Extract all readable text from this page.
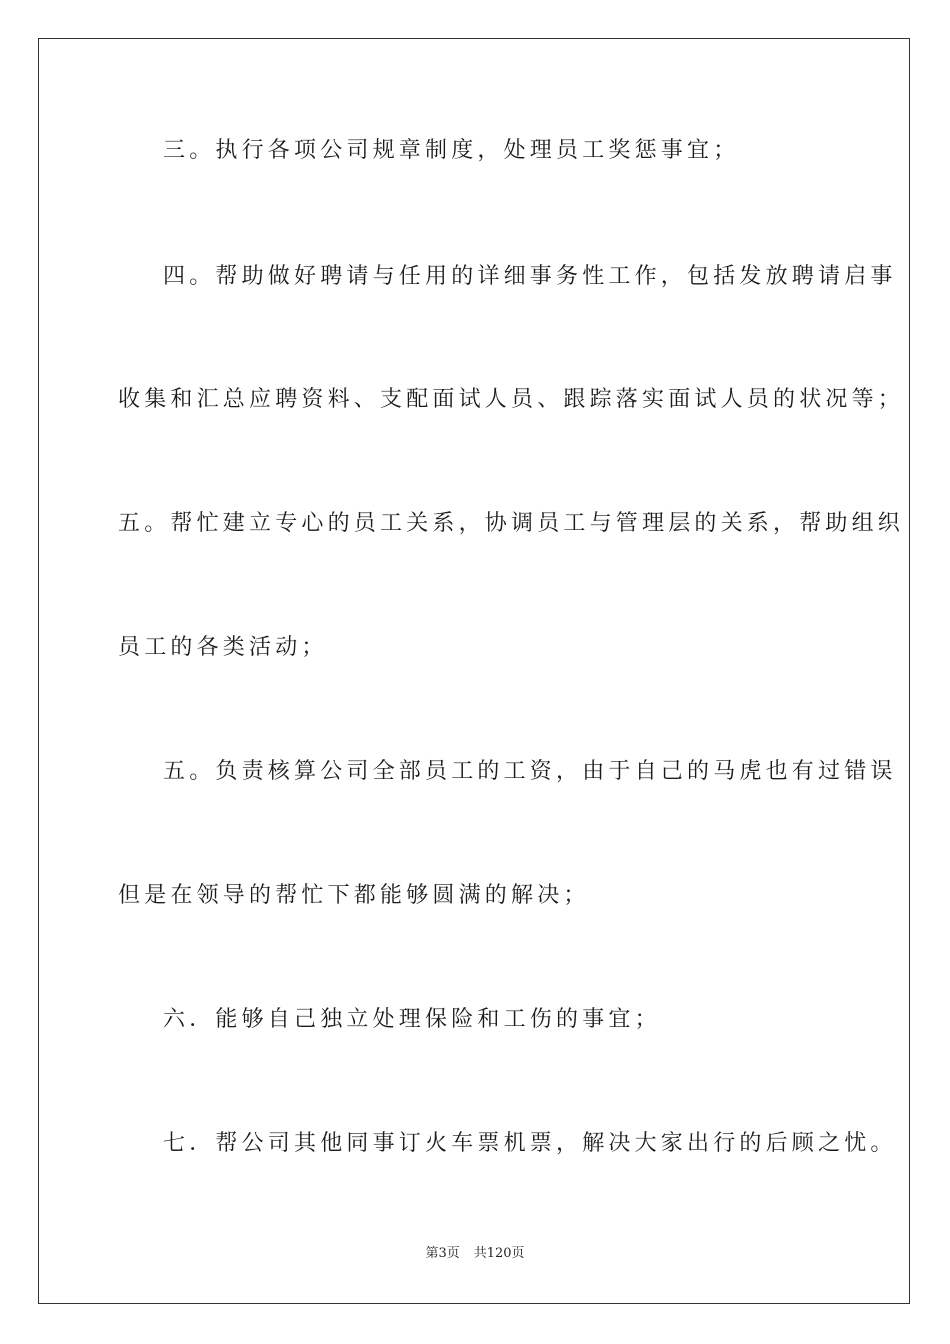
三。执行各项公司规章制度，处理员工奖惩事宜；
四。帮助做好聘请与任用的详细事务性工作，包括发放聘请启事
收集和汇总应聘资料、支配面试人员、跟踪落实面试人员的状况等；
五。帮忙建立专心的员工关系，协调员工与管理层的关系，帮助组织
员工的各类活动；
五。负责核算公司全部员工的工资，由于自己的马虎也有过错误
但是在领导的帮忙下都能够圆满的解决；
六．能够自己独立处理保险和工伤的事宜；
七．帮公司其他同事订火车票机票，解决大家出行的后顾之忧。
第3页 共120页
